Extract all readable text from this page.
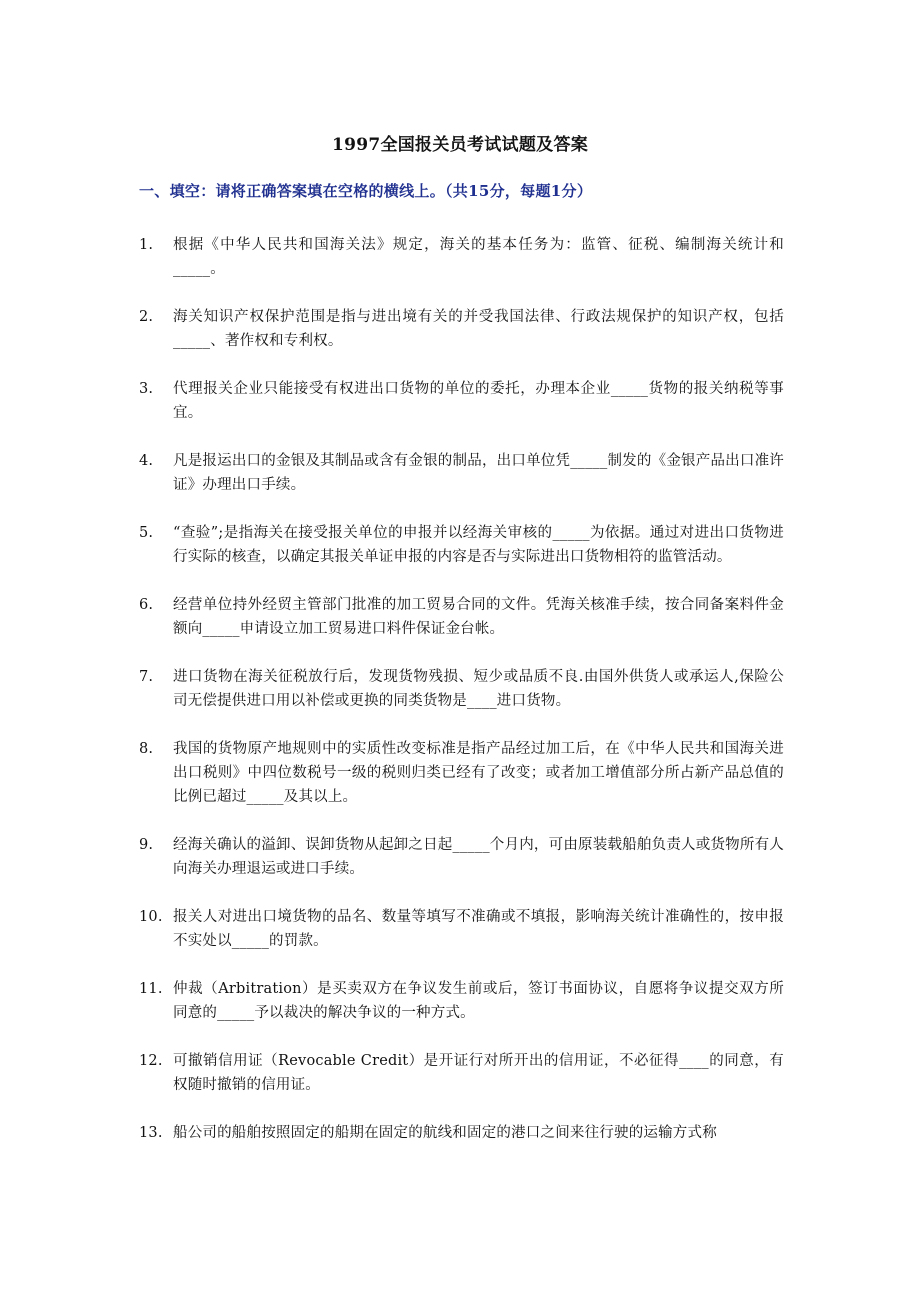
1997全国报关员考试试题及答案
一、填空：请将正确答案填在空格的横线上。（共15分，每题1分）
1. 根据《中华人民共和国海关法》规定，海关的基本任务为：监管、征税、编制海关统计和_____。
2. 海关知识产权保护范围是指与进出境有关的并受我国法律、行政法规保护的知识产权，包括_____、著作权和专利权。
3. 代理报关企业只能接受有权进出口货物的单位的委托，办理本企业_____货物的报关纳税等事宜。
4. 凡是报运出口的金银及其制品或含有金银的制品，出口单位凭_____制发的《金银产品出口准许证》办理出口手续。
5. “查验”;是指海关在接受报关单位的申报并以经海关审核的_____为依据。通过对进出口货物进行实际的核查，以确定其报关单证申报的内容是否与实际进出口货物相符的监管活动。
6. 经营单位持外经贸主管部门批准的加工贸易合同的文件。凭海关核准手续，按合同备案料件金额向_____申请设立加工贸易进口料件保证金台帐。
7. 进口货物在海关征税放行后，发现货物残损、短少或品质不良.由国外供货人或承运人,保险公司无偿提供进口用以补偿或更换的同类货物是____进口货物。
8. 我国的货物原产地规则中的实质性改变标准是指产品经过加工后，在《中华人民共和国海关进出口税则》中四位数税号一级的税则归类已经有了改变；或者加工增值部分所占新产品总值的比例已超过_____及其以上。
9. 经海关确认的溢卸、误卸货物从起卸之日起_____个月内，可由原装载船舶负责人或货物所有人向海关办理退运或进口手续。
10. 报关人对进出口境货物的品名、数量等填写不准确或不填报，影响海关统计准确性的，按申报不实处以_____的罚款。
11. 仲裁（Arbitration）是买卖双方在争议发生前或后，签订书面协议，自愿将争议提交双方所同意的_____予以裁决的解决争议的一种方式。
12. 可撤销信用证（Revocable Credit）是开证行对所开出的信用证，不必征得____的同意，有权随时撤销的信用证。
13. 船公司的船舶按照固定的船期在固定的航线和固定的港口之间来往行驶的运输方式称
